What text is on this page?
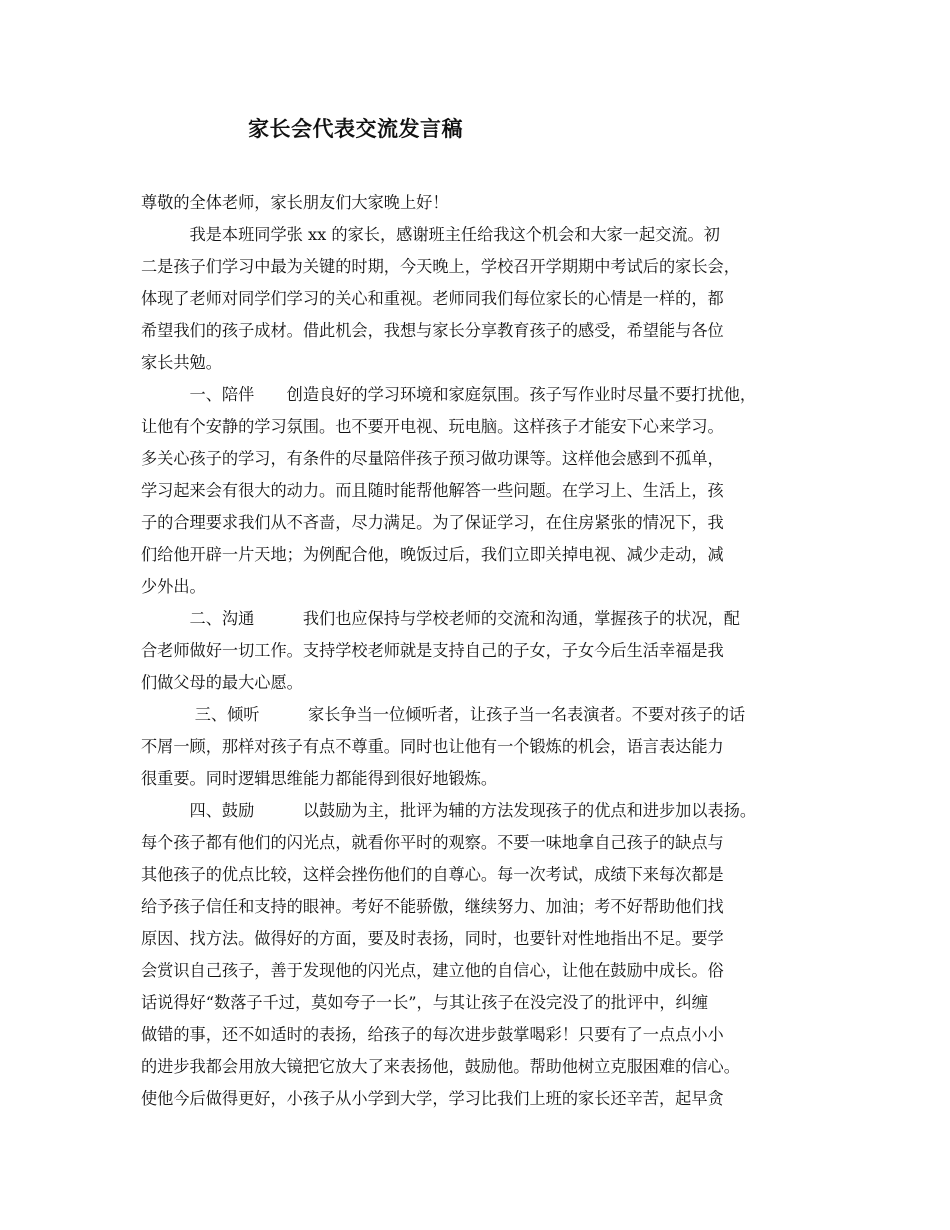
家长会代表交流发言稿
尊敬的全体老师，家长朋友们大家晚上好！
　　　我是本班同学张 xx 的家长，感谢班主任给我这个机会和大家一起交流。初
二是孩子们学习中最为关键的时期，今天晚上，学校召开学期期中考试后的家长会，
体现了老师对同学们学习的关心和重视。老师同我们每位家长的心情是一样的，都
希望我们的孩子成材。借此机会，我想与家长分享教育孩子的感受，希望能与各位
家长共勉。
　　　一、陪伴　　创造良好的学习环境和家庭氛围。孩子写作业时尽量不要打扰他，
让他有个安静的学习氛围。也不要开电视、玩电脑。这样孩子才能安下心来学习。
多关心孩子的学习，有条件的尽量陪伴孩子预习做功课等。这样他会感到不孤单，
学习起来会有很大的动力。而且随时能帮他解答一些问题。在学习上、生活上，孩
子的合理要求我们从不吝啬，尽力满足。为了保证学习，在住房紧张的情况下，我
们给他开辟一片天地；为例配合他，晚饭过后，我们立即关掉电视、减少走动，减
少外出。
　　　二、沟通　　　我们也应保持与学校老师的交流和沟通，掌握孩子的状况，配
合老师做好一切工作。支持学校老师就是支持自己的子女，子女今后生活幸福是我
们做父母的最大心愿。
　　　 三、倾听　　　家长争当一位倾听者，让孩子当一名表演者。不要对孩子的话
不屑一顾，那样对孩子有点不尊重。同时也让他有一个锻炼的机会，语言表达能力
很重要。同时逻辑思维能力都能得到很好地锻炼。
　　　四、鼓励　　　以鼓励为主，批评为辅的方法发现孩子的优点和进步加以表扬。
每个孩子都有他们的闪光点，就看你平时的观察。不要一味地拿自己孩子的缺点与
其他孩子的优点比较，这样会挫伤他们的自尊心。每一次考试，成绩下来每次都是
给予孩子信任和支持的眼神。考好不能骄傲，继续努力、加油；考不好帮助他们找
原因、找方法。做得好的方面，要及时表扬，同时，也要针对性地指出不足。要学
会赏识自己孩子，善于发现他的闪光点，建立他的自信心，让他在鼓励中成长。俗
话说得好“数落子千过，莫如夸子一长”，与其让孩子在没完没了的批评中，纠缠
做错的事，还不如适时的表扬，给孩子的每次进步鼓掌喝彩！只要有了一点点小小
的进步我都会用放大镜把它放大了来表扬他，鼓励他。帮助他树立克服困难的信心。
使他今后做得更好，小孩子从小学到大学，学习比我们上班的家长还辛苦，起早贪
